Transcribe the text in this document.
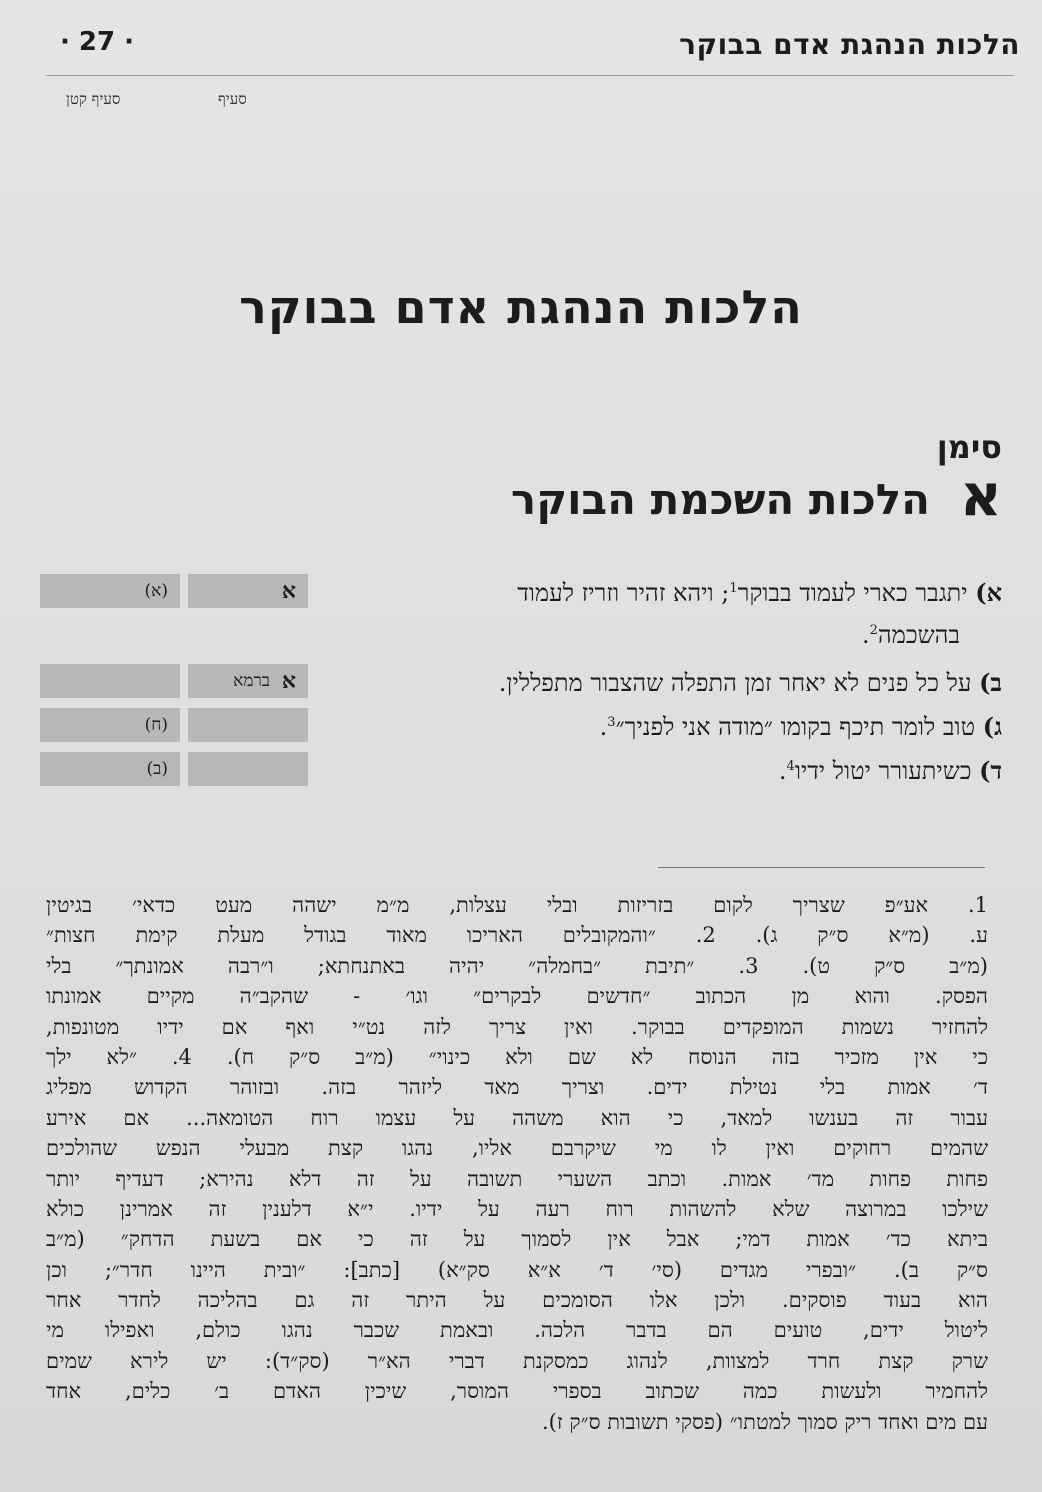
הלכות הנהגת אדם בבוקר
· 27 ·
סעיף
סעיף קטן
הלכות הנהגת אדם בבוקר
סימן
א
הלכות השכמת הבוקר
א) יתגבר כארי לעמוד בבוקר$^1$; ויהא זהיר וזריז לעמוד
בהשכמה$^2$.
ב) על כל פנים לא יאחר זמן התפלה שהצבור מתפללין.
ג) טוב לומר תיכף בקומו ״מודה אני לפניך״$^3$.
ד) כשיתעורר יטול ידיו$^4$.
א
א
ברמא
(א)
(ח)
(ב)
1. אע״פ שצריך לקום בזריזות ובלי עצלות, מ״מ ישהה מעט כדאי׳ בגיטין
ע. (מ״א ס״ק ג). 2. ״והמקובלים האריכו מאוד בגודל מעלת קימת חצות״
(מ״ב ס״ק ט). 3. ״תיבת ״בחמלה״ יהיה באתנחתא; ו״רבה אמונתך״ בלי
הפסק. והוא מן הכתוב ״חדשים לבקרים״ וגו׳ - שהקב״ה מקיים אמונתו
להחזיר נשמות המופקדים בבוקר. ואין צריך לזה נט״י ואף אם ידיו מטונפות,
כי אין מזכיר בזה הנוסח לא שם ולא כינוי״ (מ״ב ס״ק ח). 4. ״לא ילך
ד׳ אמות בלי נטילת ידים. וצריך מאד ליזהר בזה. ובזוהר הקדוש מפליג
עבור זה בענשו למאד, כי הוא משהה על עצמו רוח הטומאה... אם אירע
שהמים רחוקים ואין לו מי שיקרבם אליו, נהגו קצת מבעלי הנפש שהולכים
פחות פחות מד׳ אמות. וכתב השערי תשובה על זה דלא נהירא; דעדיף יותר
שילכו במרוצה שלא להשהות רוח רעה על ידיו. י״א דלענין זה אמרינן כולא
ביתא כד׳ אמות דמי; אבל אין לסמוך על זה כי אם בשעת הדחק״ (מ״ב
ס״ק ב). ״ובפרי מגדים (סי׳ ד׳ א״א סק״א) [כתב]: ״ובית היינו חדר״; וכן
הוא בעוד פוסקים. ולכן אלו הסומכים על היתר זה גם בהליכה לחדר אחר
ליטול ידים, טועים הם בדבר הלכה. ובאמת שכבר נהגו כולם, ואפילו מי
שרק קצת חרד למצוות, לנהוג כמסקנת דברי הא״ר (סק״ד): יש לירא שמים
להחמיר ולעשות כמה שכתוב בספרי המוסר, שיכין האדם ב׳ כלים, אחד
עם מים ואחד ריק סמוך למטתו״ (פסקי תשובות ס״ק ז).
